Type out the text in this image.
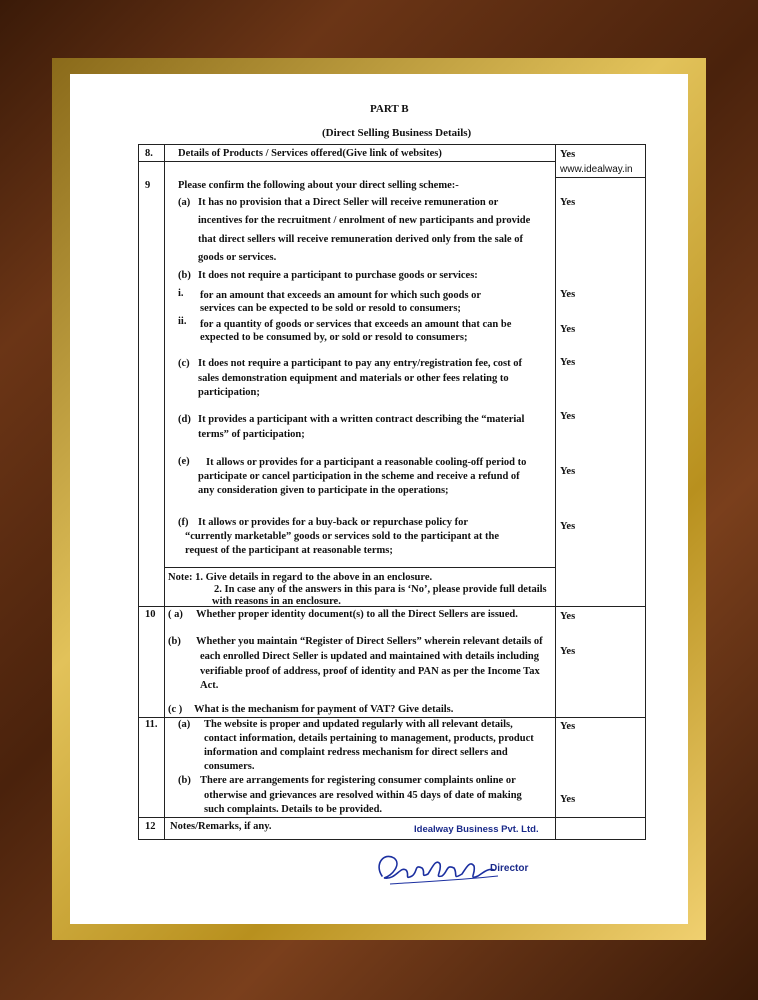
PART B
(Direct Selling Business Details)
8. Details of Products / Services offered(Give link of websites)	Yes
www.idealway.in
9	Please confirm the following about your direct selling scheme:-
(a) It has no provision that a Direct Seller will receive remuneration or
incentives for the recruitment / enrolment of new participants and provide
that direct sellers will receive remuneration derived only from the sale of
goods or services.
Yes
(b) It does not require a participant to purchase goods or services:
i. for an amount that exceeds an amount for which such goods or
services can be expected to be sold or resold to consumers;
Yes
ii. for a quantity of goods or services that exceeds an amount that can be
expected to be consumed by, or sold or resold to consumers;
Yes
(c) It does not require a participant to pay any entry/registration fee, cost of
sales demonstration equipment and materials or other fees relating to
participation;
Yes
(d) It provides a participant with a written contract describing the “material
terms” of participation;
Yes
(e) It allows or provides for a participant a reasonable cooling-off period to
participate or cancel participation in the scheme and receive a refund of
any consideration given to participate in the operations;
Yes
(f) It allows or provides for a buy-back or repurchase policy for
“currently marketable” goods or services sold to the participant at the
request of the participant at reasonable terms;
Yes
Note: 1. Give details in regard to the above in an enclosure.
2. In case any of the answers in this para is ‘No’, please provide full details
with reasons in an enclosure.
10 ( a) Whether proper identity document(s) to all the Direct Sellers are issued.	Yes
(b) Whether you maintain “Register of Direct Sellers” wherein relevant details of
each enrolled Direct Seller is updated and maintained with details including
verifiable proof of address, proof of identity and PAN as per the Income Tax
Act.
Yes
(c ) What is the mechanism for payment of VAT? Give details.
11. (a) The website is proper and updated regularly with all relevant details,
contact information, details pertaining to management, products, product
information and complaint redress mechanism for direct sellers and
consumers.
Yes
(b) There are arrangements for registering consumer complaints online or
otherwise and grievances are resolved within 45 days of date of making
such complaints. Details to be provided.
Yes
12 Notes/Remarks, if any.	Idealway Business Pvt. Ltd.
Director
